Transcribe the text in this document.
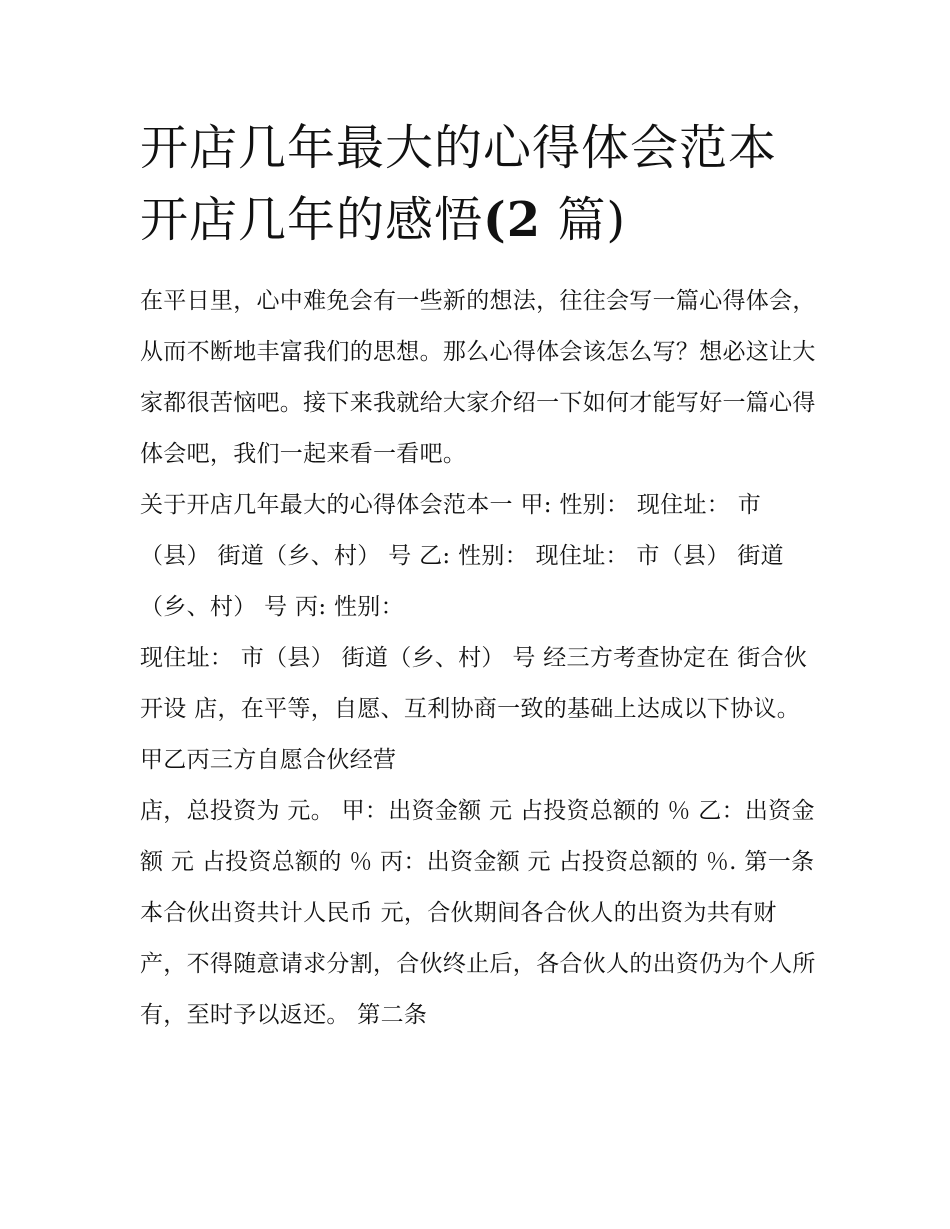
开店几年最大的心得体会范本
开店几年的感悟(2 篇)

在平日里，心中难免会有一些新的想法，往往会写一篇心得体会，从而不断地丰富我们的思想。那么心得体会该怎么写？想必这让大家都很苦恼吧。接下来我就给大家介绍一下如何才能写好一篇心得体会吧，我们一起来看一看吧。

关于开店几年最大的心得体会范本一 甲: 性别： 现住址： 市（县） 街道（乡、村） 号 乙: 性别： 现住址： 市（县） 街道（乡、村） 号 丙: 性别：

现住址： 市（县） 街道（乡、村） 号 经三方考查协定在 街合伙开设 店，在平等，自愿、互利协商一致的基础上达成以下协议。 甲乙丙三方自愿合伙经营

店，总投资为 元。 甲：出资金额 元 占投资总额的 ％ 乙：出资金额 元 占投资总额的 ％ 丙：出资金额 元 占投资总额的 ％. 第一条

本合伙出资共计人民币 元，合伙期间各合伙人的出资为共有财产，不得随意请求分割，合伙终止后，各合伙人的出资仍为个人所有，至时予以返还。 第二条
